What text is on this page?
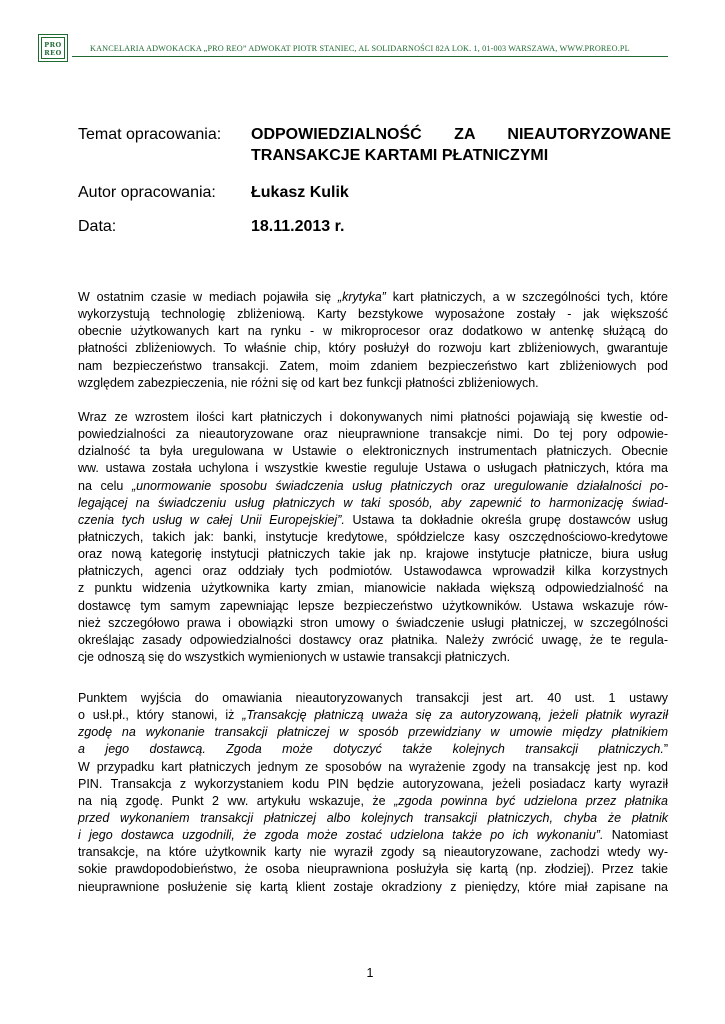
PRO
REO	KANCELARIA ADWOKACKA „PRO REO” ADWOKAT PIOTR STANIEC, AL SOLIDARNOŚCI 82A LOK. 1, 01-003 WARSZAWA, WWW.PROREO.PL
Temat opracowania:	ODPOWIEDZIALNOŚĆ ZA NIEAUTORYZOWANE
TRANSAKCJE KARTAMI PŁATNICZYMI
Autor opracowania:	Łukasz Kulik
Data:	18.11.2013 r.
W ostatnim czasie w mediach pojawiła się „krytyka” kart płatniczych, a w szczególności tych, które
wykorzystują technologię zbliżeniową. Karty bezstykowe wyposażone zostały - jak większość
obecnie użytkowanych kart na rynku - w mikroprocesor oraz dodatkowo w antenkę służącą do
płatności zbliżeniowych. To właśnie chip, który posłużył do rozwoju kart zbliżeniowych, gwarantuje
nam bezpieczeństwo transakcji. Zatem, moim zdaniem bezpieczeństwo kart zbliżeniowych pod
względem zabezpieczenia, nie różni się od kart bez funkcji płatności zbliżeniowych.
Wraz ze wzrostem ilości kart płatniczych i dokonywanych nimi płatności pojawiają się kwestie od-
powiedzialności za nieautoryzowane oraz nieuprawnione transakcje nimi. Do tej pory odpowie-
dzialność ta była uregulowana w Ustawie o elektronicznych instrumentach płatniczych. Obecnie
ww. ustawa została uchylona i wszystkie kwestie reguluje Ustawa o usługach płatniczych, która ma
na celu „unormowanie sposobu świadczenia usług płatniczych oraz uregulowanie działalności po-
legającej na świadczeniu usług płatniczych w taki sposób, aby zapewnić to harmonizację świad-
czenia tych usług w całej Unii Europejskiej”. Ustawa ta dokładnie określa grupę dostawców usług
płatniczych, takich jak: banki, instytucje kredytowe, spółdzielcze kasy oszczędnościowo-kredytowe
oraz nową kategorię instytucji płatniczych takie jak np. krajowe instytucje płatnicze, biura usług
płatniczych, agenci oraz oddziały tych podmiotów. Ustawodawca wprowadził kilka korzystnych
z punktu widzenia użytkownika karty zmian, mianowicie nakłada większą odpowiedzialność na
dostawcę tym samym zapewniając lepsze bezpieczeństwo użytkowników. Ustawa wskazuje rów-
nież szczegółowo prawa i obowiązki stron umowy o świadczenie usługi płatniczej, w szczególności
określając zasady odpowiedzialności dostawcy oraz płatnika. Należy zwrócić uwagę, że te regula-
cje odnoszą się do wszystkich wymienionych w ustawie transakcji płatniczych.
Punktem wyjścia do omawiania nieautoryzowanych transakcji jest art. 40 ust. 1 ustawy
o usł.pł., który stanowi, iż „Transakcję płatniczą uważa się za autoryzowaną, jeżeli płatnik wyraził
zgodę na wykonanie transakcji płatniczej w sposób przewidziany w umowie między płatnikiem
a jego dostawcą. Zgoda może dotyczyć także kolejnych transakcji płatniczych.”
W przypadku kart płatniczych jednym ze sposobów na wyrażenie zgody na transakcję jest np. kod
PIN. Transakcja z wykorzystaniem kodu PIN będzie autoryzowana, jeżeli posiadacz karty wyraził
na nią zgodę. Punkt 2 ww. artykułu wskazuje, że „zgoda powinna być udzielona przez płatnika
przed wykonaniem transakcji płatniczej albo kolejnych transakcji płatniczych, chyba że płatnik
i jego dostawca uzgodnili, że zgoda może zostać udzielona także po ich wykonaniu”. Natomiast
transakcje, na które użytkownik karty nie wyraził zgody są nieautoryzowane, zachodzi wtedy wy-
sokie prawdopodobieństwo, że osoba nieuprawniona posłużyła się kartą (np. złodziej). Przez takie
nieuprawnione posłużenie się kartą klient zostaje okradziony z pieniędzy, które miał zapisane na
1
